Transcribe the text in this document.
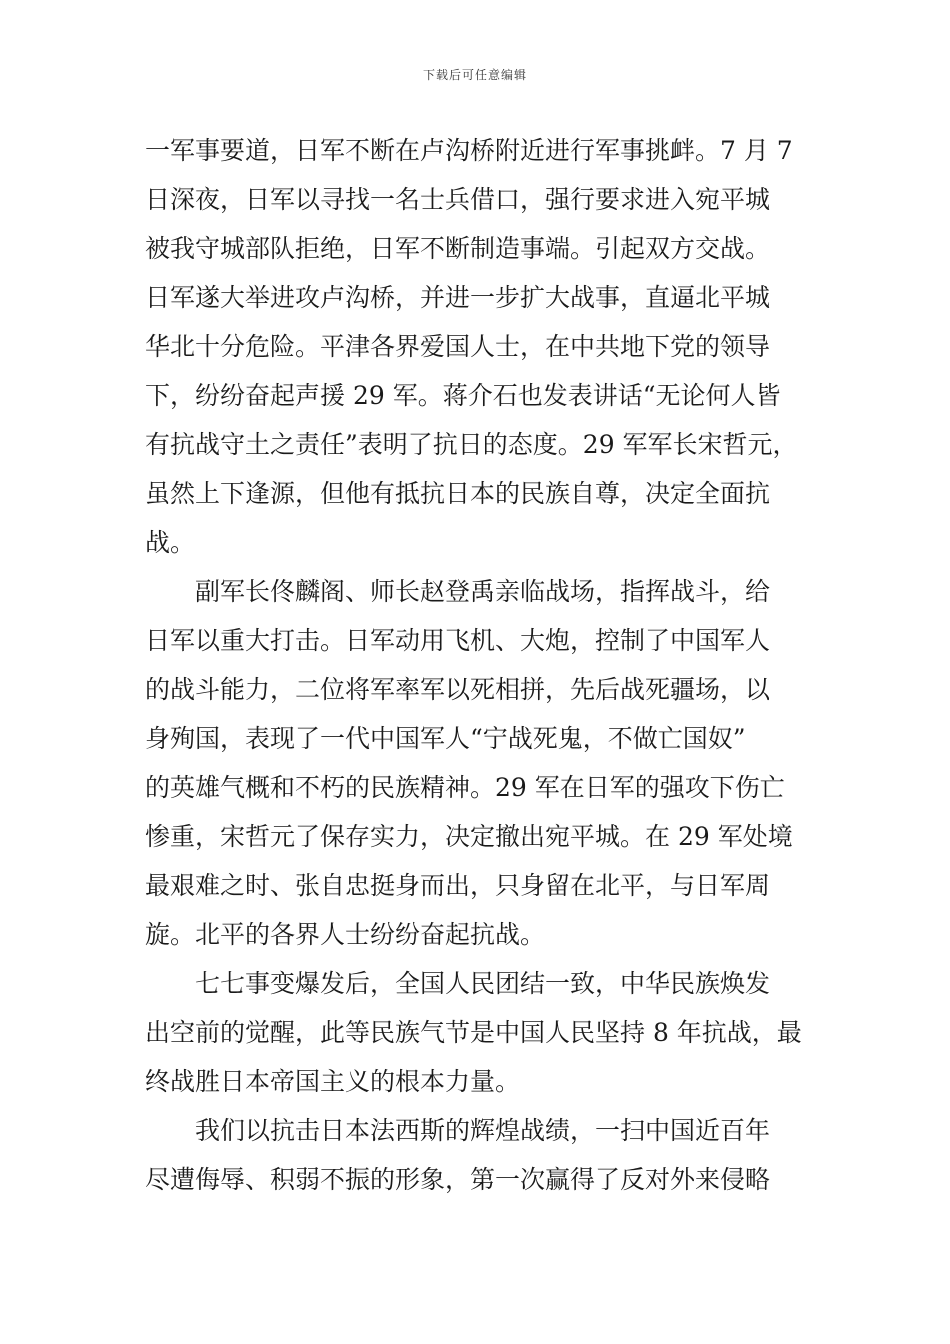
下载后可任意编辑
一军事要道，日军不断在卢沟桥附近进行军事挑衅。7 月 7
日深夜，日军以寻找一名士兵借口，强行要求进入宛平城
被我守城部队拒绝，日军不断制造事端。引起双方交战。
日军遂大举进攻卢沟桥，并进一步扩大战事，直逼北平城
华北十分危险。平津各界爱国人士，在中共地下党的领导
下，纷纷奋起声援 29 军。蒋介石也发表讲话“无论何人皆
有抗战守土之责任”表明了抗日的态度。29 军军长宋哲元，
虽然上下逢源，但他有抵抗日本的民族自尊，决定全面抗
战。
　　副军长佟麟阁、师长赵登禹亲临战场，指挥战斗，给
日军以重大打击。日军动用飞机、大炮，控制了中国军人
的战斗能力，二位将军率军以死相拼，先后战死疆场，以
身殉国，表现了一代中国军人“宁战死鬼，不做亡国奴”
的英雄气概和不朽的民族精神。29 军在日军的强攻下伤亡
惨重，宋哲元了保存实力，决定撤出宛平城。在 29 军处境
最艰难之时、张自忠挺身而出，只身留在北平，与日军周
旋。北平的各界人士纷纷奋起抗战。
　　七七事变爆发后，全国人民团结一致，中华民族焕发
出空前的觉醒，此等民族气节是中国人民坚持 8 年抗战，最
终战胜日本帝国主义的根本力量。
　　我们以抗击日本法西斯的辉煌战绩，一扫中国近百年
尽遭侮辱、积弱不振的形象，第一次赢得了反对外来侵略
